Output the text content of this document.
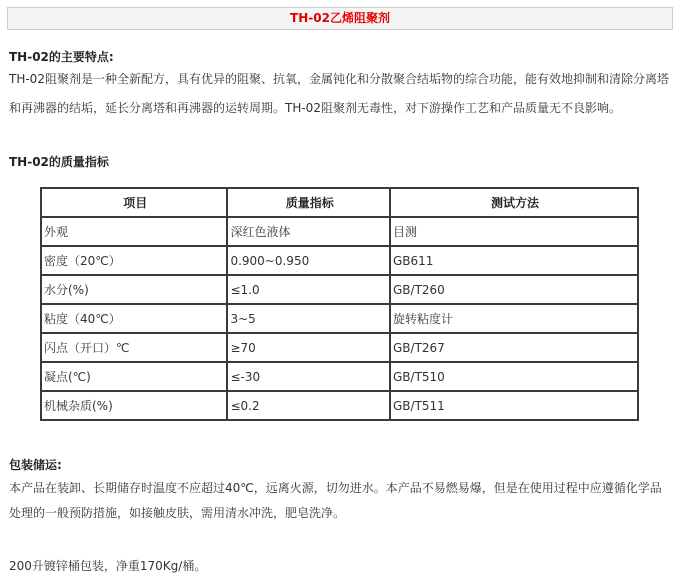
TH-02乙烯阻聚剂
TH-02的主要特点:
TH-02阻聚剂是一种全新配方，具有优异的阻聚、抗氧，金属钝化和分散聚合结垢物的综合功能，能有效地抑制和清除分离塔
和再沸器的结垢，延长分离塔和再沸器的运转周期。TH-02阻聚剂无毒性，对下游操作工艺和产品质量无不良影响。
TH-02的质量指标
项目	质量指标	测试方法
外观	深红色液体	目测
密度（20℃）	0.900~0.950	GB611
水分(%)	≤1.0	GB/T260
粘度（40℃）	3~5	旋转粘度计
闪点（开口）℃	≥70	GB/T267
凝点(℃)	≤-30	GB/T510
机械杂质(%)	≤0.2	GB/T511
包装储运:
本产品在装卸、长期储存时温度不应超过40℃，远离火源，切勿进水。本产品不易燃易爆，但是在使用过程中应遵循化学品
处理的一般预防措施，如接触皮肤，需用清水冲洗，肥皂洗净。
200升镀锌桶包装，净重170Kg/桶。
